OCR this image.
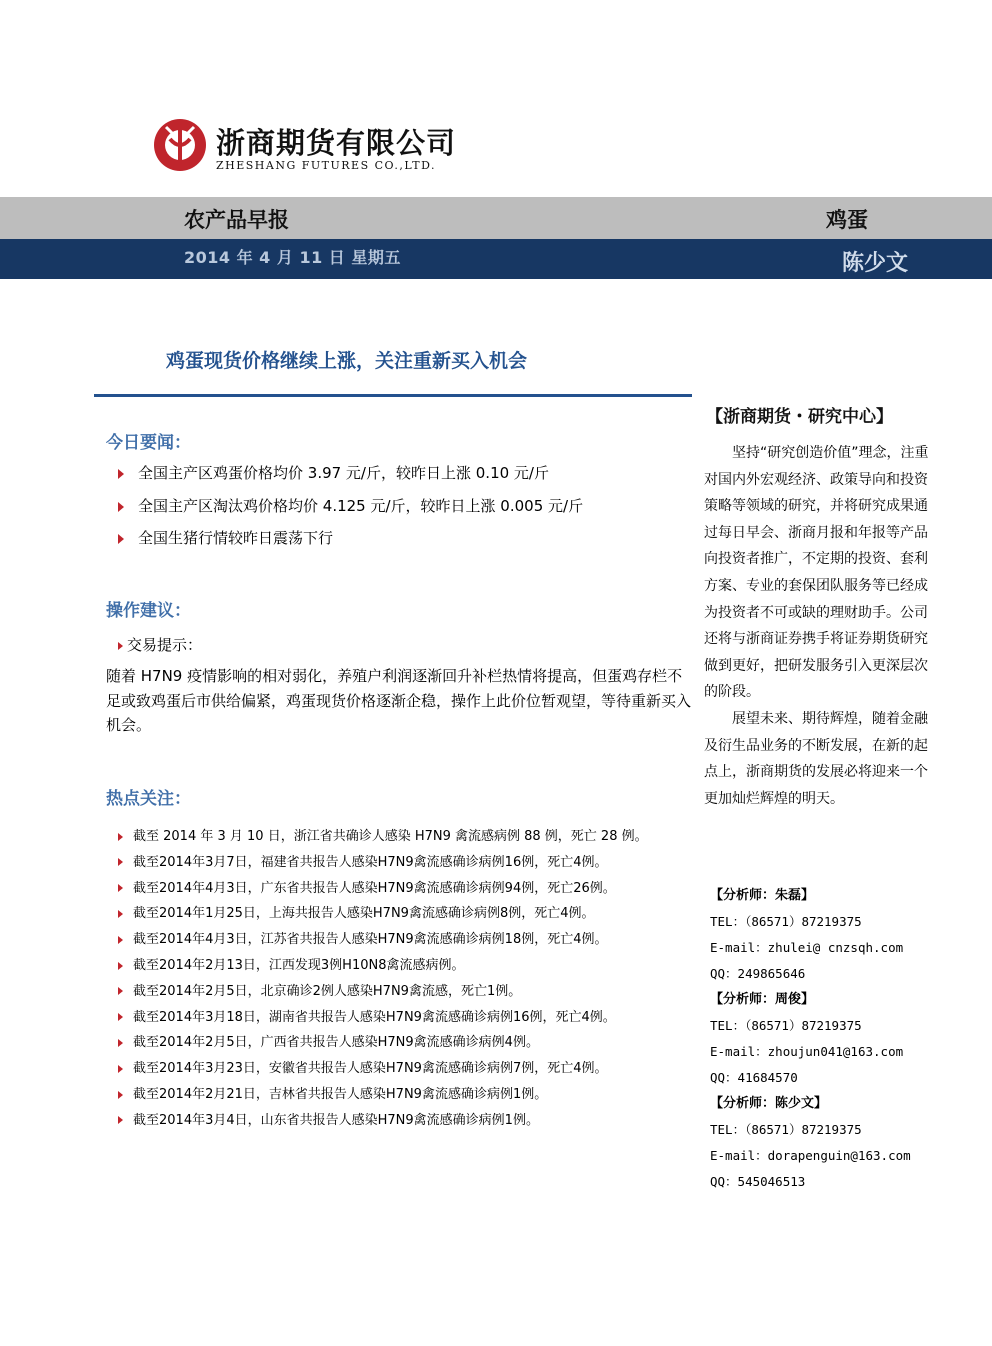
浙商期货有限公司
ZHESHANG FUTURES CO.,LTD.
农产品早报	鸡蛋
2014 年 4 月 11 日 星期五	陈少文
鸡蛋现货价格继续上涨，关注重新买入机会
今日要闻：
全国主产区鸡蛋价格均价 3.97 元/斤，较昨日上涨 0.10 元/斤
全国主产区淘汰鸡价格均价 4.125 元/斤，较昨日上涨 0.005 元/斤
全国生猪行情较昨日震荡下行
操作建议：
交易提示：
随着 H7N9 疫情影响的相对弱化，养殖户利润逐渐回升补栏热情将提高，但蛋鸡存栏不足或致鸡蛋后市供给偏紧，鸡蛋现货价格逐渐企稳，操作上此价位暂观望，等待重新买入机会。
热点关注：
截至 2014 年 3 月 10 日，浙江省共确诊人感染 H7N9 禽流感病例 88 例，死亡 28 例。
截至2014年3月7日，福建省共报告人感染H7N9禽流感确诊病例16例，死亡4例。
截至2014年4月3日，广东省共报告人感染H7N9禽流感确诊病例94例，死亡26例。
截至2014年1月25日，上海共报告人感染H7N9禽流感确诊病例8例，死亡4例。
截至2014年4月3日，江苏省共报告人感染H7N9禽流感确诊病例18例，死亡4例。
截至2014年2月13日，江西发现3例H10N8禽流感病例。
截至2014年2月5日，北京确诊2例人感染H7N9禽流感，死亡1例。
截至2014年3月18日，湖南省共报告人感染H7N9禽流感确诊病例16例，死亡4例。
截至2014年2月5日，广西省共报告人感染H7N9禽流感确诊病例4例。
截至2014年3月23日，安徽省共报告人感染H7N9禽流感确诊病例7例，死亡4例。
截至2014年2月21日，吉林省共报告人感染H7N9禽流感确诊病例1例。
截至2014年3月4日，山东省共报告人感染H7N9禽流感确诊病例1例。
【浙商期货・研究中心】

坚持“研究创造价值”理念，注重对国内外宏观经济、政策导向和投资策略等领域的研究，并将研究成果通过每日早会、浙商月报和年报等产品向投资者推广，不定期的投资、套利方案、专业的套保团队服务等已经成为投资者不可或缺的理财助手。公司还将与浙商证券携手将证券期货研究做到更好，把研发服务引入更深层次的阶段。

展望未来、期待辉煌，随着金融及衍生品业务的不断发展，在新的起点上，浙商期货的发展必将迎来一个更加灿烂辉煌的明天。

【分析师：朱磊】
TEL：（86571）87219375
E-mail：zhulei@ cnzsqh.com
QQ：249865646
【分析师：周俊】
TEL：（86571）87219375
E-mail：zhoujun041@163.com
QQ：41684570
【分析师：陈少文】
TEL：（86571）87219375
E-mail：dorapenguin@163.com
QQ：545046513
